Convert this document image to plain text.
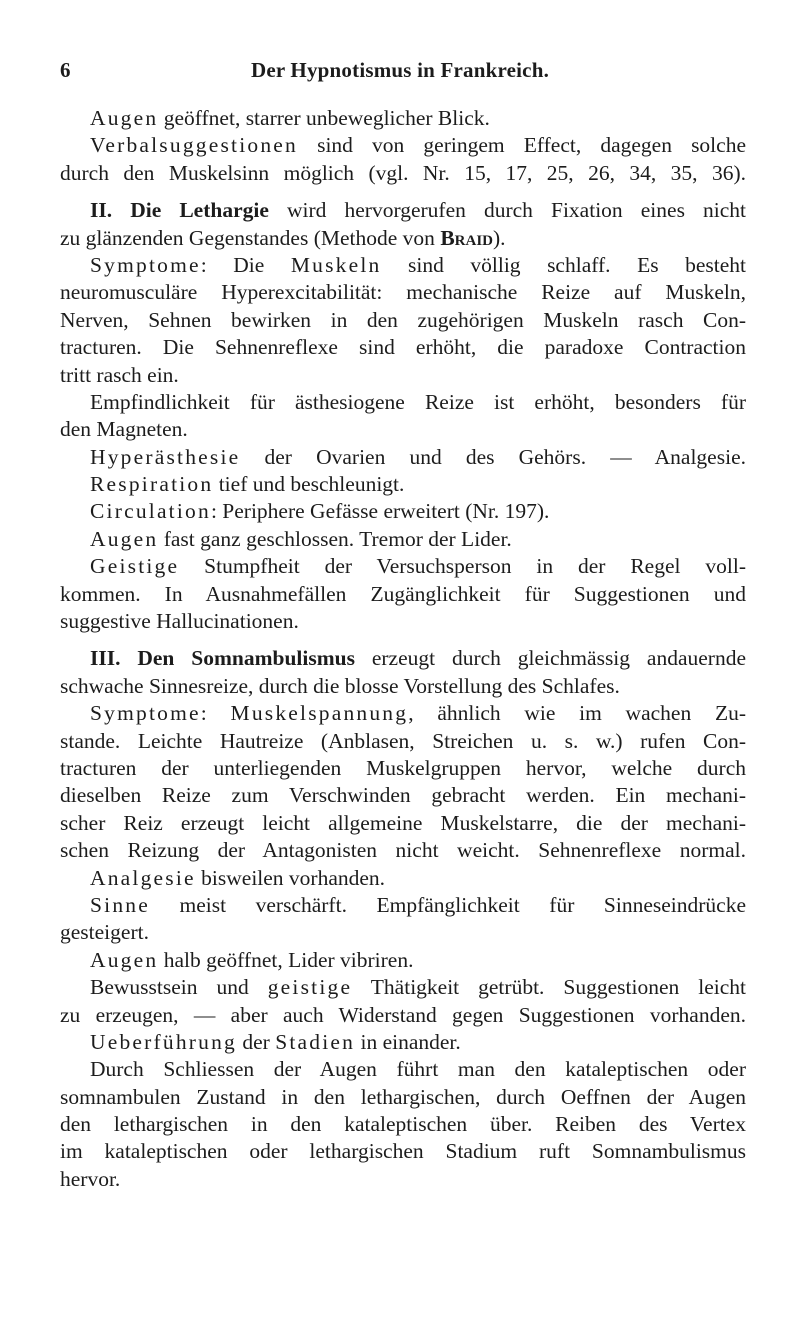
6	Der Hypnotismus in Frankreich.
Augen geöffnet, starrer unbeweglicher Blick.
Verbalsuggestionen sind von geringem Effect, dagegen solche
durch den Muskelsinn möglich (vgl. Nr. 15, 17, 25, 26, 34, 35, 36).
II. Die Lethargie wird hervorgerufen durch Fixation eines nicht
zu glänzenden Gegenstandes (Methode von Braid).
Symptome: Die Muskeln sind völlig schlaff. Es besteht
neuromusculäre Hyperexcitabilität: mechanische Reize auf Muskeln,
Nerven, Sehnen bewirken in den zugehörigen Muskeln rasch Con-
tracturen. Die Sehnenreflexe sind erhöht, die paradoxe Contraction
tritt rasch ein.
Empfindlichkeit für ästhesiogene Reize ist erhöht, besonders für
den Magneten.
Hyperästhesie der Ovarien und des Gehörs. — Analgesie.
Respiration tief und beschleunigt.
Circulation: Periphere Gefässe erweitert (Nr. 197).
Augen fast ganz geschlossen. Tremor der Lider.
Geistige Stumpfheit der Versuchsperson in der Regel voll-
kommen. In Ausnahmefällen Zugänglichkeit für Suggestionen und
suggestive Hallucinationen.
III. Den Somnambulismus erzeugt durch gleichmässig andauernde
schwache Sinnesreize, durch die blosse Vorstellung des Schlafes.
Symptome: Muskelspannung, ähnlich wie im wachen Zu-
stande. Leichte Hautreize (Anblasen, Streichen u. s. w.) rufen Con-
tracturen der unterliegenden Muskelgruppen hervor, welche durch
dieselben Reize zum Verschwinden gebracht werden. Ein mechani-
scher Reiz erzeugt leicht allgemeine Muskelstarre, die der mechani-
schen Reizung der Antagonisten nicht weicht. Sehnenreflexe normal.
Analgesie bisweilen vorhanden.
Sinne meist verschärft. Empfänglichkeit für Sinneseindrücke
gesteigert.
Augen halb geöffnet, Lider vibriren.
Bewusstsein und geistige Thätigkeit getrübt. Suggestionen leicht
zu erzeugen, — aber auch Widerstand gegen Suggestionen vorhanden.
Ueberführung der Stadien in einander.
Durch Schliessen der Augen führt man den kataleptischen oder
somnambulen Zustand in den lethargischen, durch Oeffnen der Augen
den lethargischen in den kataleptischen über. Reiben des Vertex
im kataleptischen oder lethargischen Stadium ruft Somnambulismus
hervor.
